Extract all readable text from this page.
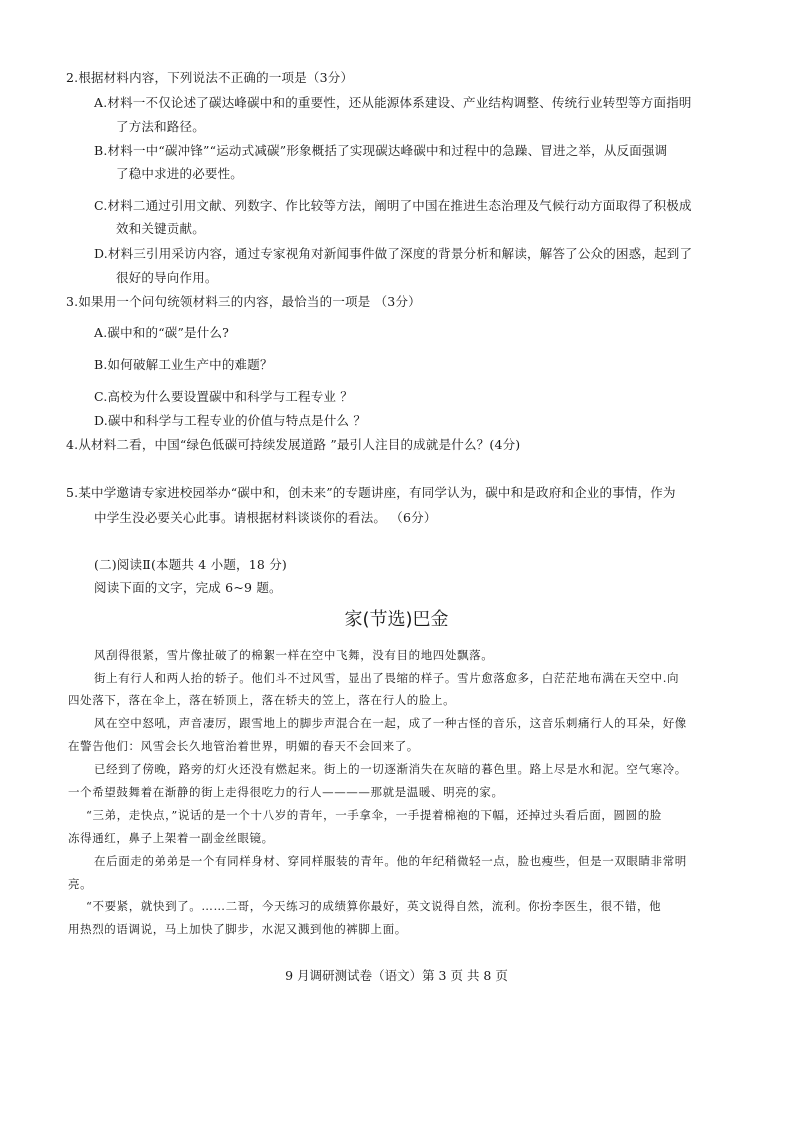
2.根据材料内容，下列说法不正确的一项是（3分）
A.材料一不仅论述了碳达峰碳中和的重要性，还从能源体系建设、产业结构调整、传统行业转型等方面指明
了方法和路径。
B.材料一中“碳冲锋”“运动式减碳”形象概括了实现碳达峰碳中和过程中的急躁、冒进之举，从反面强调
了稳中求进的必要性。
C.材料二通过引用文献、列数字、作比较等方法，阐明了中国在推进生态治理及气候行动方面取得了积极成
效和关键贡献。
D.材料三引用采访内容，通过专家视角对新闻事件做了深度的背景分析和解读，解答了公众的困惑，起到了
很好的导向作用。
3.如果用一个问句统领材料三的内容，最恰当的一项是 （3分）
A.碳中和的“碳”是什么?
B.如何破解工业生产中的难题？
C.高校为什么要设置碳中和科学与工程专业 ？
D.碳中和科学与工程专业的价值与特点是什么 ？
4.从材料二看，中国“绿色低碳可持续发展道路 ”最引人注目的成就是什么？(4分)
5.某中学邀请专家进校园举办“碳中和，创未来”的专题讲座，有同学认为，碳中和是政府和企业的事情，作为
中学生没必要关心此事。请根据材料谈谈你的看法。 （6分）
(二)阅读Ⅱ(本题共 4 小题，18 分)
阅读下面的文字，完成 6~9 题。
家(节选)巴金
风刮得很紧，雪片像扯破了的棉絮一样在空中飞舞，没有目的地四处飘落。
街上有行人和两人抬的轿子。他们斗不过风雪，显出了畏缩的样子。雪片愈落愈多，白茫茫地布满在天空中.向
四处落下，落在伞上，落在轿顶上，落在轿夫的笠上，落在行人的脸上。
风在空中怒吼，声音凄厉，跟雪地上的脚步声混合在一起，成了一种古怪的音乐，这音乐刺痛行人的耳朵，好像
在警告他们：风雪会长久地管治着世界，明媚的春天不会回来了。
已经到了傍晚，路旁的灯火还没有燃起来。街上的一切逐渐消失在灰暗的暮色里。路上尽是水和泥。空气寒冷。
一个希望鼓舞着在渐静的街上走得很吃力的行人————那就是温暖、明亮的家。
“三弟，走快点，”说话的是一个十八岁的青年，一手拿伞，一手提着棉袍的下幅，还掉过头看后面，圆圆的脸
冻得通红，鼻子上架着一副金丝眼镜。
在后面走的弟弟是一个有同样身材、穿同样服装的青年。他的年纪稍微轻一点，脸也瘦些，但是一双眼睛非常明
亮。
“不要紧，就快到了。……二哥，今天练习的成绩算你最好，英文说得自然，流利。你扮李医生，很不错，他
用热烈的语调说，马上加快了脚步，水泥又溅到他的裤脚上面。
9 月调研测试卷（语文）第 3 页 共 8 页
